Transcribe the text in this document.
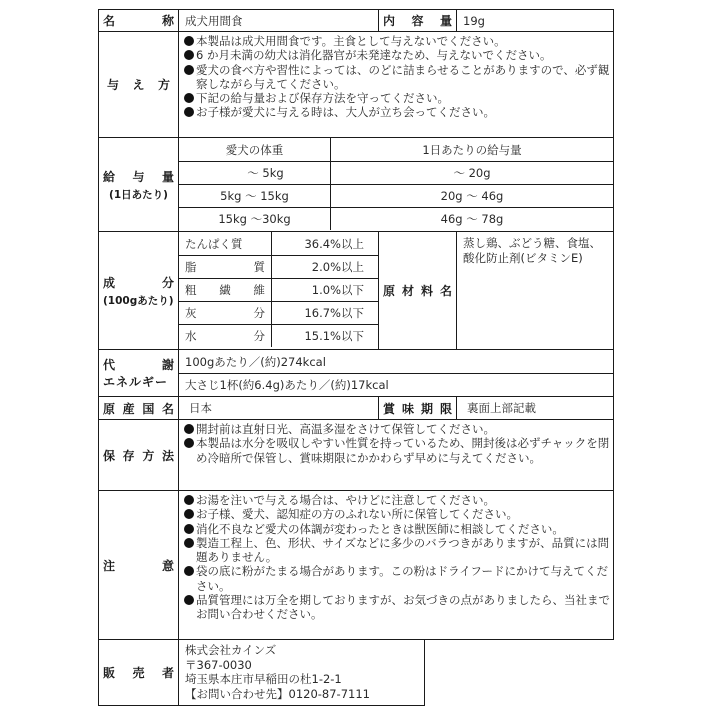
名	称 成犬用間食	内 容 量 19g
与 え 方
本製品は成犬用間食です。主食として与えないでください。
6 か月未満の幼犬は消化器官が未発達なため、与えないでください。
愛犬の食べ方や習性によっては、のどに詰まらせることがありますので、必ず観察しながら与えてください。
下記の給与量および保存方法を守ってください。
お子様が愛犬に与える時は、大人が立ち会ってください。
給 与 量
(1日あたり)
愛犬の体重	1日あたりの給与量
〜 5kg	〜 20g
5kg 〜 15kg	20g 〜 46g
15kg 〜30kg	46g 〜 78g
成	分
(100gあたり)
たんぱく質	36.4%以上
脂	質	2.0%以上
粗 繊 維	1.0%以下
灰	分	16.7%以下
水	分	15.1%以下
原 材 料 名
蒸し鶏、ぶどう糖、食塩、酸化防止剤(ビタミンE)
代	謝
エネルギー
100gあたり／(約)274kcal
大さじ1杯(約6.4g)あたり／(約)17kcal
原 産 国 名	日本	賞 味 期 限	裏面上部記載
保 存 方 法
開封前は直射日光、高温多湿をさけて保管してください。
本製品は水分を吸収しやすい性質を持っているため、開封後は必ずチャックを閉め冷暗所で保管し、賞味期限にかかわらず早めに与えてください。
注	意
お湯を注いで与える場合は、やけどに注意してください。
お子様、愛犬、認知症の方のふれない所に保管してください。
消化不良など愛犬の体調が変わったときは獣医師に相談してください。
製造工程上、色、形状、サイズなどに多少のバラつきがありますが、品質には問題ありません。
袋の底に粉がたまる場合があります。この粉はドライフードにかけて与えてください。
品質管理には万全を期しておりますが、お気づきの点がありましたら、当社までお問い合わせください。
販 売 者
株式会社カインズ
〒367-0030
埼玉県本庄市早稲田の杜1-2-1
【お問い合わせ先】0120-87-7111
